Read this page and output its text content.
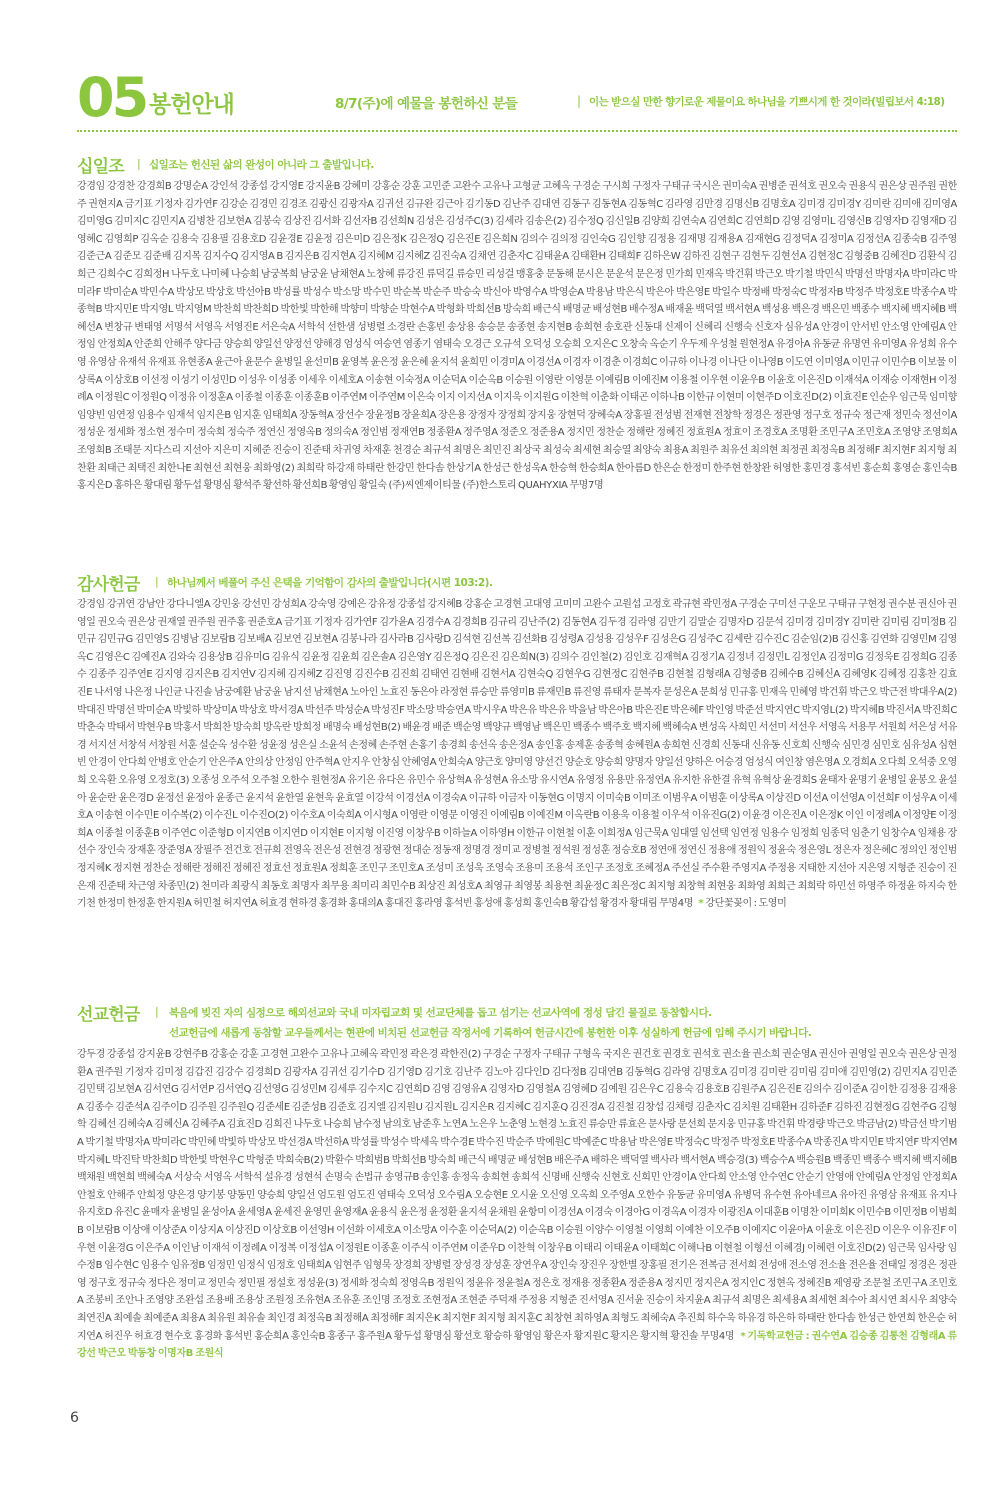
05 봉헌안내	8/7(주)에 예물을 봉헌하신 분들	| 이는 받으실 만한 향기로운 제물이요 하나님을 기쁘시게 한 것이라(빌립보서 4:18)
십일조 | 십일조는 헌신된 삶의 완성이 아니라 그 출발입니다.
강경임 강경찬 강경희B 강명순A 강인석 강종섭 강지영E 강지윤B 강혜미 강홍순 강훈 고민준 고완수 고유나 고형균 고혜옥 구경순 구시희 구정자 구태규 국시은 권미숙A 권병준 권석호 권오숙 권용식 권은상 권주원 권한주 권현지A 금기표 기정자 김가연F 김강순 김경민 김경조 김광신 김광자A 김귀선 김규완 김근아 김기동D 김난주 김대연 김동구 김동현A 김동혁C 김라영 김만경 김명신B 김명호A 김미경 김미경Y 김미란 김미애 김미영A 김미영G 김미지C 김민지A 김병찬 김보현A 김봉숙 김상진 김서화 김선자B 김선희N 김성은 김성주C(3) 김세라 김송은(2) 김수정Q 김신일B 김양희 김연숙A 김연희C 김연희D 김영 김영미L 김영신B 김영자D 김영재D 김영혜C 김영희P 김옥순 김용숙 김용필 김용호D 김윤경E 김윤정 김은미D 김은정K 김은정Q 김은진E 김은희N 김의수 김의정 김인숙G 김인향 김정용 김재명 김재용A 김재현G 김정덕A 김정미A 김정선A 김종숙B 김주영 김준근A 김준모 김준배 김지목 김지수Q 김지영A B 김지은B 김지현A 김지혜M 김지혜Z 김진숙A 김채연 김춘자C 김태윤A 김태환H 김태희F 김하은W 김하진 김현구 김현두 김현선A 김현정C 김형중B 김혜진D 김환식 김희근 김희수C 김희정H 나두호 나미혜 나승희 남궁복희 남궁윤 남채현A 노창혜 류강진 류덕길 류승민 리성걸 맹홍충 문동해 문시은 문운석 문은정 민가희 민재옥 박건휘 박근오 박기철 박민식 박명선 박명자A 박미라C 박미라F 박미순A 박민수A 박상모 박상호 박선아B 박성률 박성수 박소망 박수민 박순복 박순주 박승숙 박신아 박영수A 박영순A 박용남 박은식 박은아 박은영E 박일수 박정배 박정숙C 박정자B 박정주 박정호E 박종수A 박종혁B 박지민E 박지영L 박지영M 박찬희 박찬희D 박한빛 박한해 박향미 박향순 박현수A 박형화 박희선B 방숙희 배근식 배명균 배성현B 배수정A 배재윤 백덕열 백서현A 백성용 백은경 백은민 백종수 백지혜 백지혜B 백혜선A 변창규 변태영 서명석 서영옥 서영진E 서은숙A 서학석 선한샘 성병렬 소경란 손홍빈 송상용 송승문 송종현 송지현B 송희현 송호관 신동대 신제이 신혜리 신행숙 신호자 심유성A 안경이 안서빈 안소영 안예림A 안정임 안정희A 안준희 안해주 양다금 양승희 양일선 양정선 양해경 엄성식 여승연 염종기 염태숙 오경근 오규석 오덕성 오승희 오지은C 오창숙 옥순기 우두제 우성철 원현정A 유경아A 유동균 유명연 유미영A 유성희 유수영 유영삼 유재석 유재표 유현종A 윤근아 윤문수 윤병일 윤선미B 윤영복 윤은정 윤은혜 윤지석 윤희민 이경미A 이경선A 이경자 이경춘 이경희C 이규하 이나경 이나단 이나영B 이도연 이미영A 이민규 이민수B 이보물 이상록A 이상호B 이선정 이성기 이성민D 이성우 이성종 이세우 이세호A 이송현 이숙정A 이순덕A 이순옥B 이승원 이영란 이영문 이예림B 이예진M 이용철 이우현 이윤우B 이윤호 이은진D 이재석A 이재승 이재현H 이정례A 이정원C 이정원Q 이정유 이정훈A 이종철 이종훈 이종훈B 이주연M 이주연M 이은숙 이지 이지선A 이지욱 이지원G 이찬혁 이춘화 이태곤 이하나B 이한규 이현미 이현주D 이호진D(2) 이효진E 인순우 임근묵 임미향 임양빈 임연정 임용수 임재석 임지은B 임지훈 임태희A 장동혁A 장선수 장윤정B 장윤희A 장은용 장정자 장정희 장지웅 장현덕 장혜숙A 장홍필 전성범 전재현 전창학 정경은 정관영 정구호 정규숙 정근재 정민숙 정선이A 정성운 정세화 정소현 정수미 정숙희 정숙주 정연신 정영옥B 정의숙A 정인범 정재연B 정종환A 정주영A 정준오 정준용A 정지민 정찬순 정해란 정혜진 정효원A 정효이 조경호A 조명환 조민구A 조민호A 조영양 조영희A 조영희B 조태문 지다스리 지선아 지은미 지혜준 진승이 진준태 차귀영 차재훈 천경순 최규석 최명은 최민진 최상국 최성숙 최세현 최승열 최양숙 최용A 최원주 최유선 최의현 최정권 최정옥B 최정해F 최지현F 최지형 최찬환 최태근 최택진 최한나E 최현선 최현웅 최화영(2) 최희락 하강재 하태란 한강민 한다솜 한상기A 한성근 한성욱A 한승혁 한승희A 한아름D 한은순 한정미 한주현 한창완 허영한 홍민경 홍석빈 홍순희 홍영순 홍인숙B 홍지은D 홍하은 황대림 황두섭 황명심 황석주 황선하 황선희B 황영임 황일숙 (주)씨엔제이티물 (주)한스토리 QUAHYXIA 무명7명
감사헌금 | 하나님께서 베풀어 주신 은택을 기억함이 감사의 출발입니다(시편 103:2).
강경임 강귀연 강남안 강다니엘A 강민웅 강선민 강성희A 강숙영 강예은 강유정 강종섭 강지혜B 강홍순 고경현 고대영 고미미 고완수 고원섭 고정호 곽규현 곽민정A 구경순 구미선 구운모 구태규 구현정 권수분 권신아 권영일 권오숙 권은상 권재열 권주원 권주홍 권준호A 금기표 기정자 김가연F 김가윤A 김경수A 김경희B 김규리 김난주(2) 김동현A 김두경 김라영 김만기 김말순 김명자D 김문석 김미경 김미경Y 김미란 김미림 김미정B 김민규 김민규G 김민영S 김병남 김보람B 김보배A 김보연 김보현A 김봉나라 김사라B 김사랑D 김석현 김선복 김선화B 김성령A 김성용 김성우F 김성은G 김성주C 김세란 김수진C 김순임(2)B 김신홍 김연화 김영민M 김영옥C 김영은C 김예진A 김와숙 김용상B 김유미G 김유식 김윤정 김윤희 김은솔A 김은영Y 김은정Q 김은진 김은희N(3) 김의수 김인철(2) 김인호 김재혁A 김정기A 김정녀 김정민L 김정인A 김정미G 김정욱E 김정희G 김종수 김종주 김주연E 김지영 김지은B 김지연V 김지혜 김지혜Z 김진영 김진수B 김진희 김태연 김현배 김현서A 김현숙Q 김현우G 김현정C 김현주B 김현철 김형래A 김형중B 김혜수B 김혜신A 김혜영K 김혜정 김홍찬 김효진E 나서영 나은정 나인균 나진솔 남궁예환 남궁윤 남지선 남채현A 노아인 노효진 동은아 라정현 류승만 류영미B 류재민B 류진영 류태자 문복자 문성은A 문희성 민규홍 민재옥 민혜영 박건휘 박근오 박근전 박대우A(2) 박대진 박명선 박미순A 박빛하 박상미A 박상호 박서경A 박선주 박성순A 박성진F 박소망 박승연A 박시우A 박은유 박은유 박을남 박은아B 박은진E 박은혜F 박인영 박준선 박지연C 박지영L(2) 박지혜B 박진서A 박진희C 박춘숙 박태서 박현우B 박홍서 박희찬 방숙희 방옥란 방희정 배명숙 배성현B(2) 배윤경 배준 백순영 백양규 백영남 백은민 백종수 백주호 백지혜 백혜숙A 변성옥 사희민 서선미 서선우 서영옥 서용무 서원희 서은성 서유경 서지선 서창석 서창원 서훈 설순옥 성수환 성윤정 성은실 소윤석 손정혜 손주현 손홍기 송경희 송선옥 송은정A 송인홍 송제훈 송종혁 송혜원A 송희현 신경희 신동대 신유동 신호희 신행숙 심민경 심민호 심유성A 심현빈 안경이 안다희 안병호 안순기 안은주A 안의상 안정임 안주혁A 안지우 안창심 안혜영A 안희숙A 양근호 양미영 양선건 양순호 양승희 양명자 양일선 양하은 어승경 엄성식 여인창 염은영A 오경희A 오다희 오석중 오영희 오옥환 오유영 오정호(3) 오종성 오주석 오주철 오한수 원현정A 유기은 유다은 유민수 유상혁A 유성현A 유소망 유시연A 유영정 유용만 유정연A 유지한 유한결 유혁 유혁상 윤경희S 윤태자 윤명기 윤병일 윤봉오 윤설아 윤순란 윤은경D 윤정선 윤정아 윤종근 윤지석 윤한열 윤현욱 윤효열 이강석 이경선A 이경숙A 이규하 이금자 이동현G 이명지 이미숙B 이미조 이범우A 이범훈 이상록A 이상진D 이선A 이선영A 이선희F 이성우A 이세호A 이송현 이수민E 이수복(2) 이수진L 이수진O(2) 이수호A 이숙희A 이시형A 이영란 이영문 이영진 이예림B 이예진M 이옥란B 이용욱 이용철 이우석 이유진G(2) 이윤경 이은진A 이은정K 이인 이정례A 이정양E 이정희A 이종철 이종훈B 이주연C 이준형D 이지연B 이지연D 이지현E 이지형 이진영 이창우B 이하늘A 이하영H 이한규 이현철 이훈 이희정A 임근묵A 임대열 임선택 임연정 임용수 임정희 임종덕 임춘기 임창수A 임채용 장선수 장인숙 장재훈 장준영A 장필주 전건호 전규희 전영옥 전은성 전현경 정광현 정대순 정동재 정명경 정미교 정병철 정석원 정성훈 정승호B 정연애 정연신 정용애 정원익 정윤숙 정은영L 정은자 정은혜C 정의인 정인범 정지혜K 정지현 정찬순 정해란 정해진 정혜진 정효선 정효원A 정희훈 조민구 조민호A 조성미 조성욱 조영숙 조용미 조용석 조인구 조정호 조혜정A 주선실 주수환 주영지A 주정용 지태한 지선아 지은영 지형준 진승이 진은재 진준태 차근영 차종민(2) 천미라 최광식 최동호 최명자 최무용 최미리 최민수B 최상진 최성호A 최영규 최영봉 최용현 최윤정C 최은정C 최지형 최창혁 최현웅 최화영 최희근 최희락 하민선 하영주 하정윤 하지숙 한기천 한정미 한정훈 한지원A 허민철 허지연A 허효경 현하경 홍경화 홍대의A 홍대진 홍라영 홍석빈 홍성애 홍성희 홍인숙B 황갑섭 황경자 황대림 무명4명 * 강단꽃꽂이 : 도영미
선교헌금 | 복음에 빚진 자의 심정으로 해외선교와 국내 미자립교회 및 선교단체를 돕고 섬기는 선교사역에 정성 담긴 물질로 동참합시다.
선교헌금에 새롭게 동참할 교우들께서는 현관에 비치된 선교헌금 작정서에 기록하여 헌금시간에 봉헌한 이후 성실하게 헌금에 임해 주시기 바랍니다.
강두경 강종섭 강지윤B 강현주B 강홍순 강훈 고경현 고완수 고유나 고혜옥 곽민정 곽은경 곽한진(2) 구경순 구정자 구태규 구형옥 국지은 권건호 권경호 권석호 권소율 권소희 권순영A 권신아 권영일 권오숙 권은상 권정환A 권주원 기정자 김미정 김갑진 김강수 김경희D 김광자A 김귀선 김기수D 김기영D 김기호 김난주 김노아 김다인D 김다정B 김대연B 김동혁G 김라영 김명호A 김미경 김미란 김미림 김미애 김민영(2) 김민지A 김민준 김민택 김보현A 김서연G 김서연P 김서연Q 김선영G 김성민M 김세루 김수지C 김연희D 김영 김영유A 김영자D 김영철A 김영혜D 김예원 김은우C 김용숙 김용호B 김원주A 김은진E 김의수 김이준A 김이한 김정용 김재용A 김종수 김준석A 김주이D 김주원 김주원Q 김준세E 김준성B 김준호 김지엘 김지원U 김지원L 김지은R 김지혜C 김지훈Q 김진경A 김진철 김창섭 김채령 김춘자C 김치원 김태환H 김하준F 김하진 김현정G 김현주G 김형학 김혜선 김혜숙A 김혜신A 김혜주A 김효진D 김희진 나두호 나승희 남수정 남의호 남준후 노연A 노은우 노춘영 노현경 노효진 류승만 류효은 문사랑 문선희 문지웅 민규홍 박건휘 박경량 박근오 박금남(2) 박금선 박기범A 박기철 박명자A 박미라C 박민혜 박빛하 박상모 박선경A 박선하A 박성률 박성수 박세옥 박수경E 박수진 박순주 박예원C 박예준C 박용남 박은영E 박정숙C 박정주 박정호E 박종수A 박종진A 박지민E 박지연F 박지연M 박지혜L 박진탁 박찬희D 박한빛 박현우C 박형준 박희숙B(2) 박환수 박희범B 박희선B 방숙희 배근식 배명균 배성현B 배은주A 배하은 백덕열 백사라 백서현A 백승경(3) 백승수A 백승원B 백종민 백종수 백지혜 백지혜B 백채원 백현희 백혜숙A 서상숙 서영옥 서학석 설유경 성현석 손명숙 손법규 송영규B 송인홍 송정옥 송희현 송희석 신명배 신행숙 신현호 신희민 안경이A 안다희 안소영 안수연C 안순기 안영애 안예림A 안정임 안정희A 안철호 안해주 안희정 양은경 양기봉 양동민 양승희 양일선 엄도원 엄도진 염태숙 오덕성 오수림A 오승현E 오시윤 오신영 오옥희 오주영A 오한수 유동균 유미영A 유병덕 유수현 유아네르A 유아진 유영삼 유재표 유지나 유지호D 유진C 윤매자 윤병일 윤성아A 윤세영A 윤세진 윤영민 윤영재A 윤용식 윤은정 윤정환 윤지석 윤채원 윤항미 이경선A 이경숙 이경아G 이경옥A 이경자 이광진A 이대훈B 이명찬 이미희K 이민수B 이민정B 이범희B 이보람B 이상애 이상준A 이상지A 이상진D 이상호B 이선영H 이선화 이세호A 이소망A 이수훈 이순덕A(2) 이순옥B 이승원 이양수 이영철 이영희 이예찬 이오주B 이예지C 이윤아A 이윤호 이은진D 이은우 이유진F 이우현 이윤경G 이은주A 이인남 이재석 이정례A 이정복 이정섭A 이정원E 이종훈 이주식 이주연M 이준우D 이찬혁 이창우B 이태리 이태윤A 이태희C 이해나B 이현철 이형선 이혜경J 이혜련 이호진D(2) 임근묵 임사랑 임수정B 임수현C 임용수 임유정B 임정민 임정식 임정호 임태희A 임현주 임형묵 장경희 장병렬 장성경 장성훈 장연우A 장인숙 장진우 장한별 장홍필 전기은 전복금 전서희 전성애 전소영 전소율 전은율 전태일 정경은 정관영 정구호 정규숙 정다은 정미교 정민숙 정민필 정설호 정성윤(3) 정세화 정숙희 정영옥B 정원익 정윤유 정윤철A 정은호 정재용 정종환A 정준용A 정지민 정지은A 정지인C 정현옥 정혜진B 제영광 조문철 조민구A 조민호A 조봉비 조안나 조영양 조완섭 조용배 조용상 조원정 조유현A 조유훈 조인명 조정호 조현정A 조현준 주덕재 주정용 지형준 진서영A 진서윤 진승이 차지윤A 최규석 최명은 최세용A 최세현 최수아 최시연 최시우 최양숙 최연진A 최예솔 최예준A 최용A 최유원 최유솔 최인경 최정옥B 최정해A 최정해F 최지은K 최지현F 최지형 최지훈C 최창현 최하영A 최형도 최혜숙A 추진희 하수욱 하유경 하은하 하태란 한다솜 한성근 한연희 한은순 허지연A 허진우 허효경 현수호 홍경화 홍석빈 홍순희A 홍인숙B 홍종구 홍주원A 황두섭 황명심 황선호 황승하 황영임 황은자 황지원C 황지은 황지혁 황진솔 무명4명 * 기독학교헌금 : 권수연A 김승종 김통천 김형래A 류강선 박근오 박동창 이명자B 조원식
6
